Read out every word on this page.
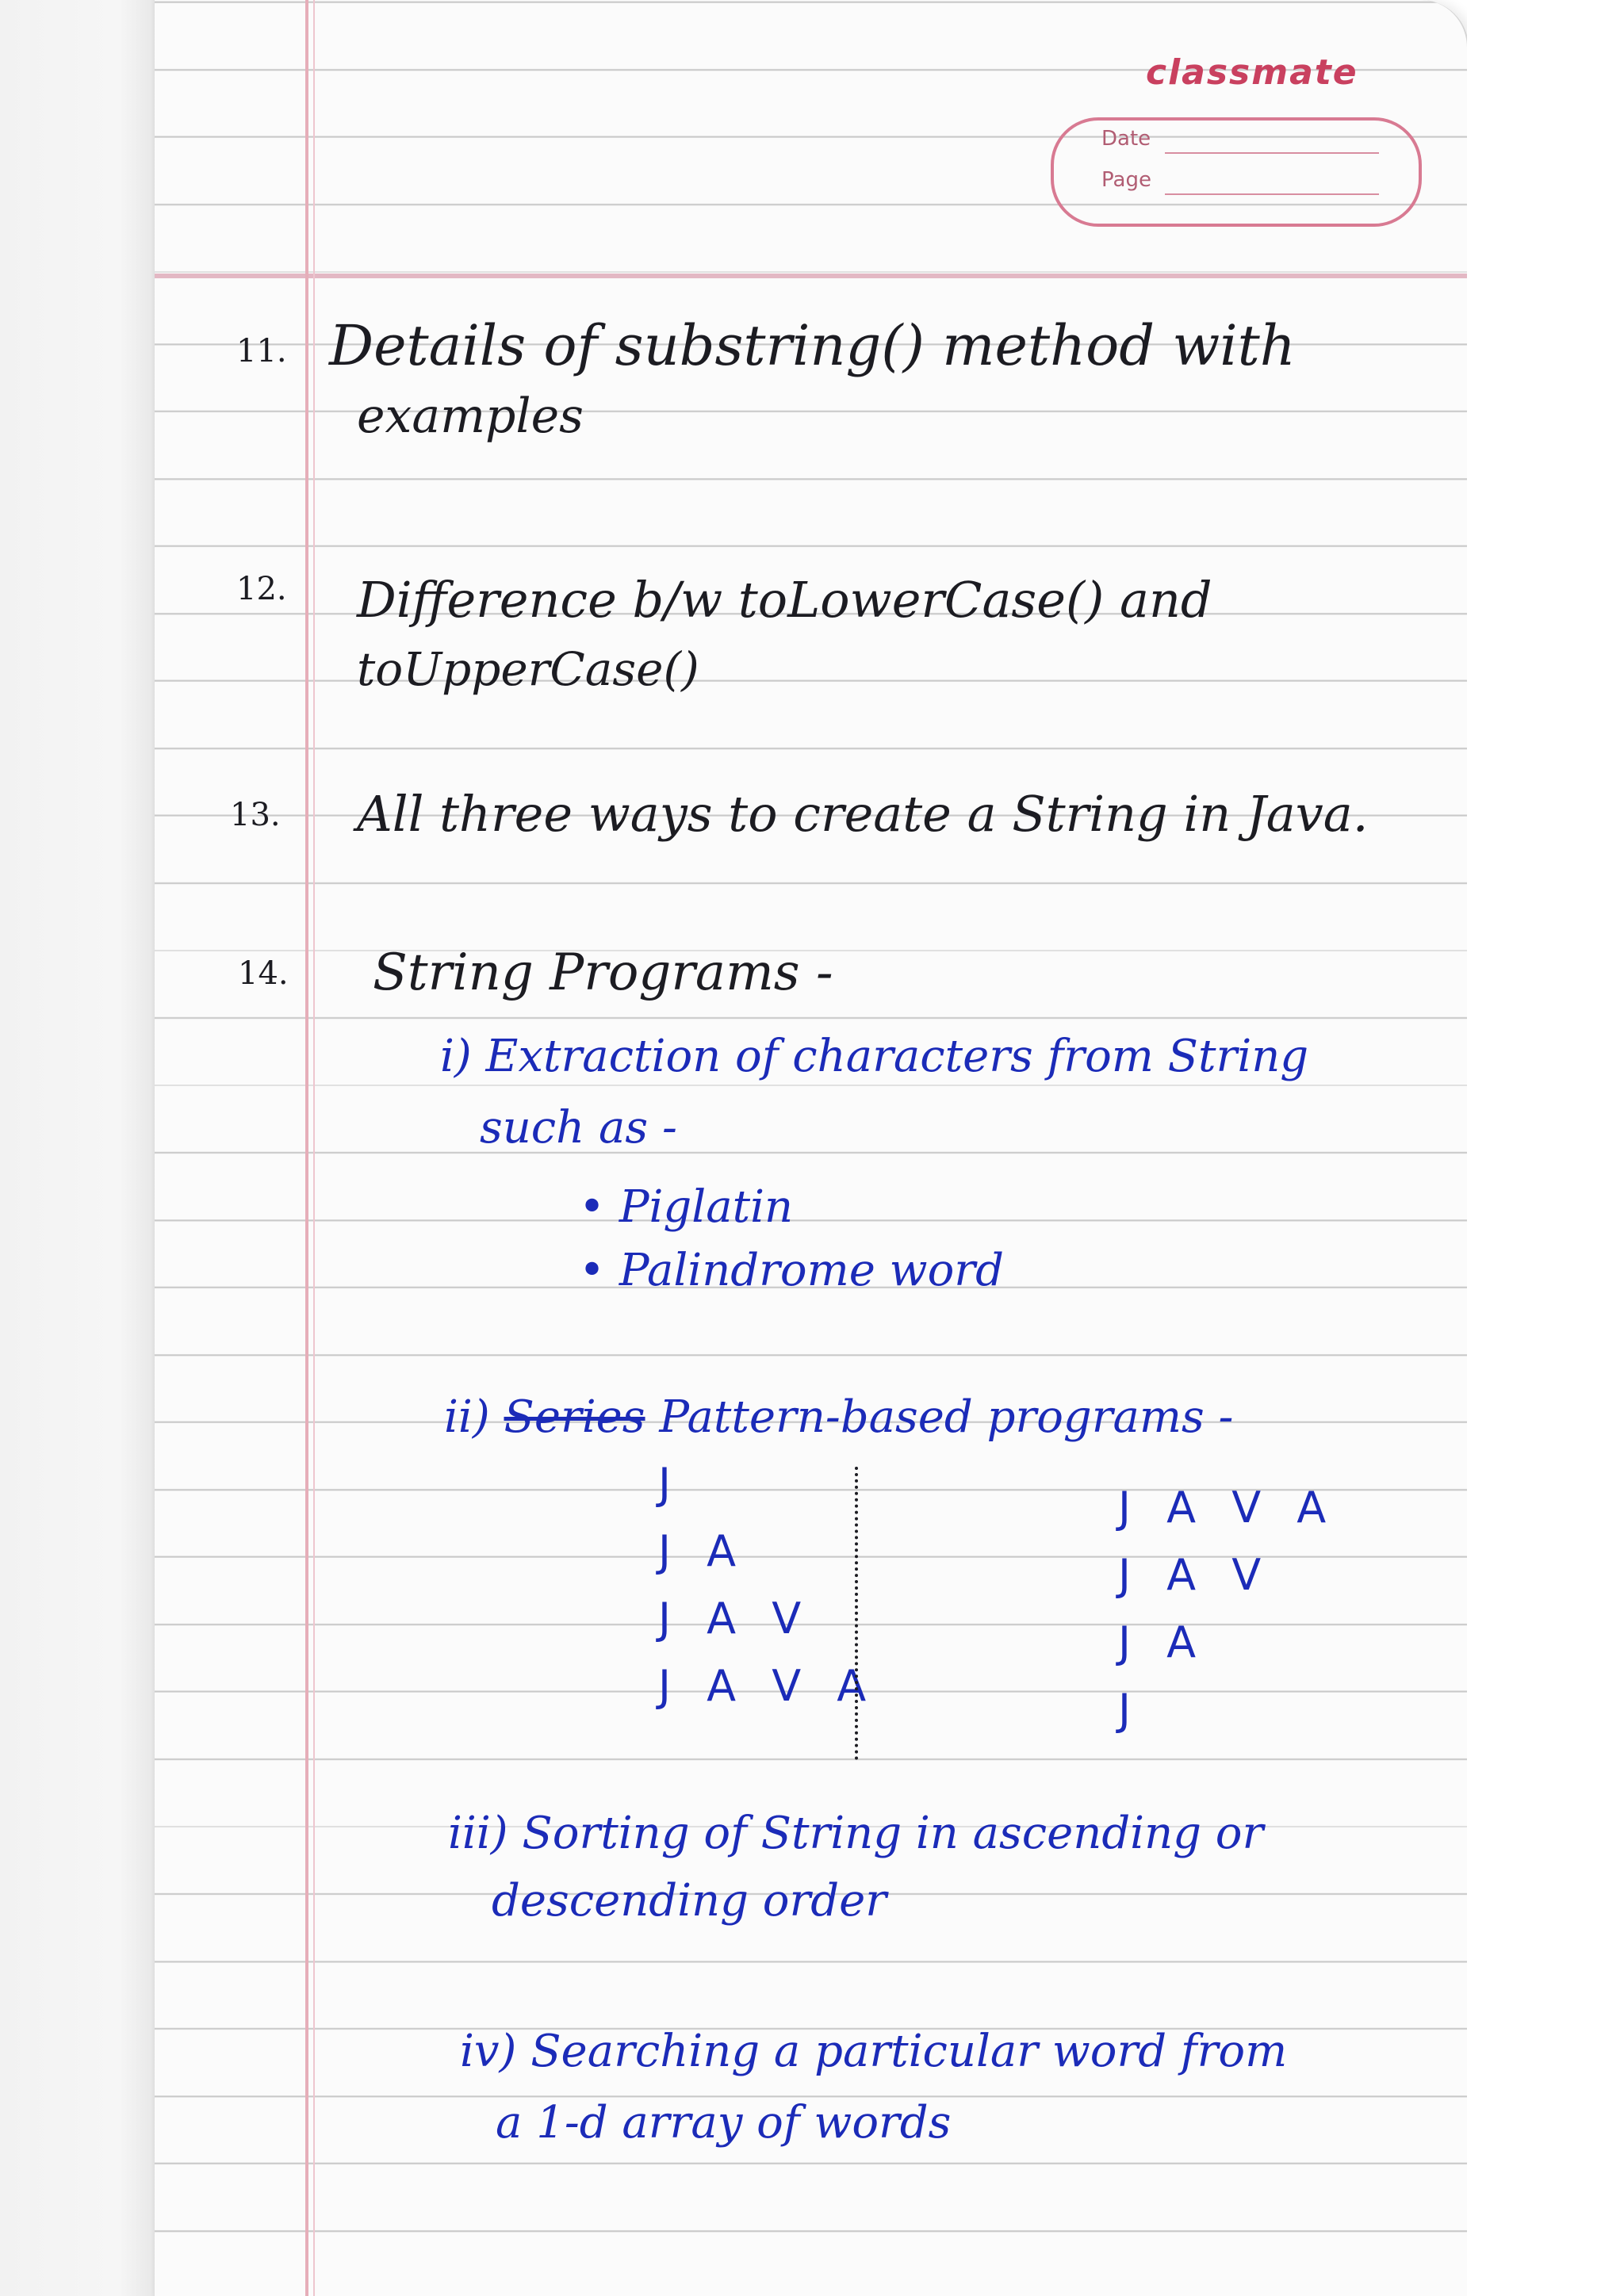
classmate
Date
Page
11. Details of substring() method with
examples
12. Difference b/w toLowerCase() and
toUpperCase()
13. All three ways to create a String in Java.
14. String Programs -
i) Extraction of characters from String
such as -
• Piglatin
• Palindrome word
ii) Series Pattern-based programs -
J
J A
J A V
J A V A
J A V A
J A V
J A
J
iii) Sorting of String in ascending or
descending order
iv) Searching a particular word from
a 1-d array of words
